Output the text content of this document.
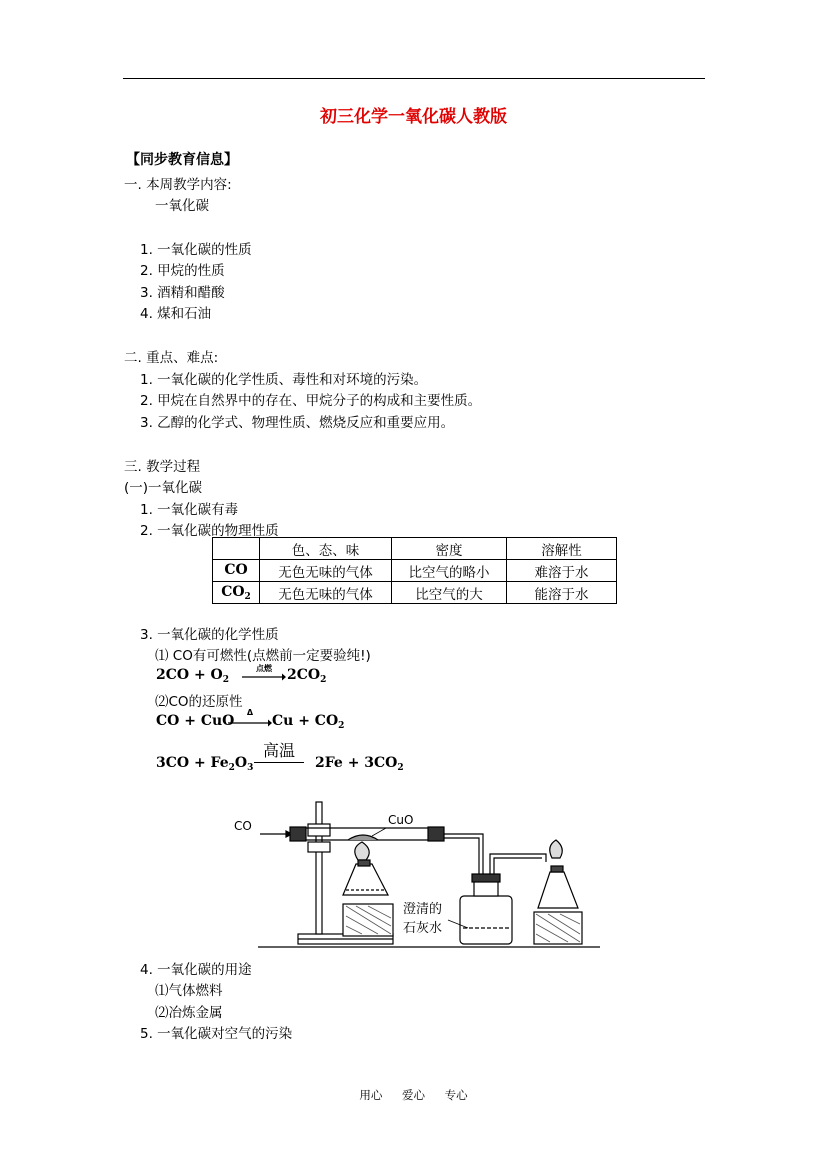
初三化学一氧化碳人教版
【同步教育信息】
一. 本周教学内容:
一氧化碳
1. 一氧化碳的性质
2. 甲烷的性质
3. 酒精和醋酸
4. 煤和石油
二. 重点、难点:
1. 一氧化碳的化学性质、毒性和对环境的污染。
2. 甲烷在自然界中的存在、甲烷分子的构成和主要性质。
3. 乙醇的化学式、物理性质、燃烧反应和重要应用。
三. 教学过程
(一)一氧化碳
1. 一氧化碳有毒
2. 一氧化碳的物理性质
	色、态、味	密度	溶解性
CO	无色无味的气体	比空气的略小	难溶于水
$CO_2$	无色无味的气体	比空气的大	能溶于水
3. 一氧化碳的化学性质
⑴ CO有可燃性(点燃前一定要验纯!)
$2CO + O_2$
点燃 → $2CO_2$
⑵CO的还原性
CO + CuO
Δ
→ $Cu + CO_2$
$3CO + Fe_2O_3$
高温
$2Fe + 3CO_2$
CO	CuO
澄清的
石灰水
4. 一氧化碳的用途
⑴气体燃料
⑵冶炼金属
5. 一氧化碳对空气的污染
用心 爱心 专心
